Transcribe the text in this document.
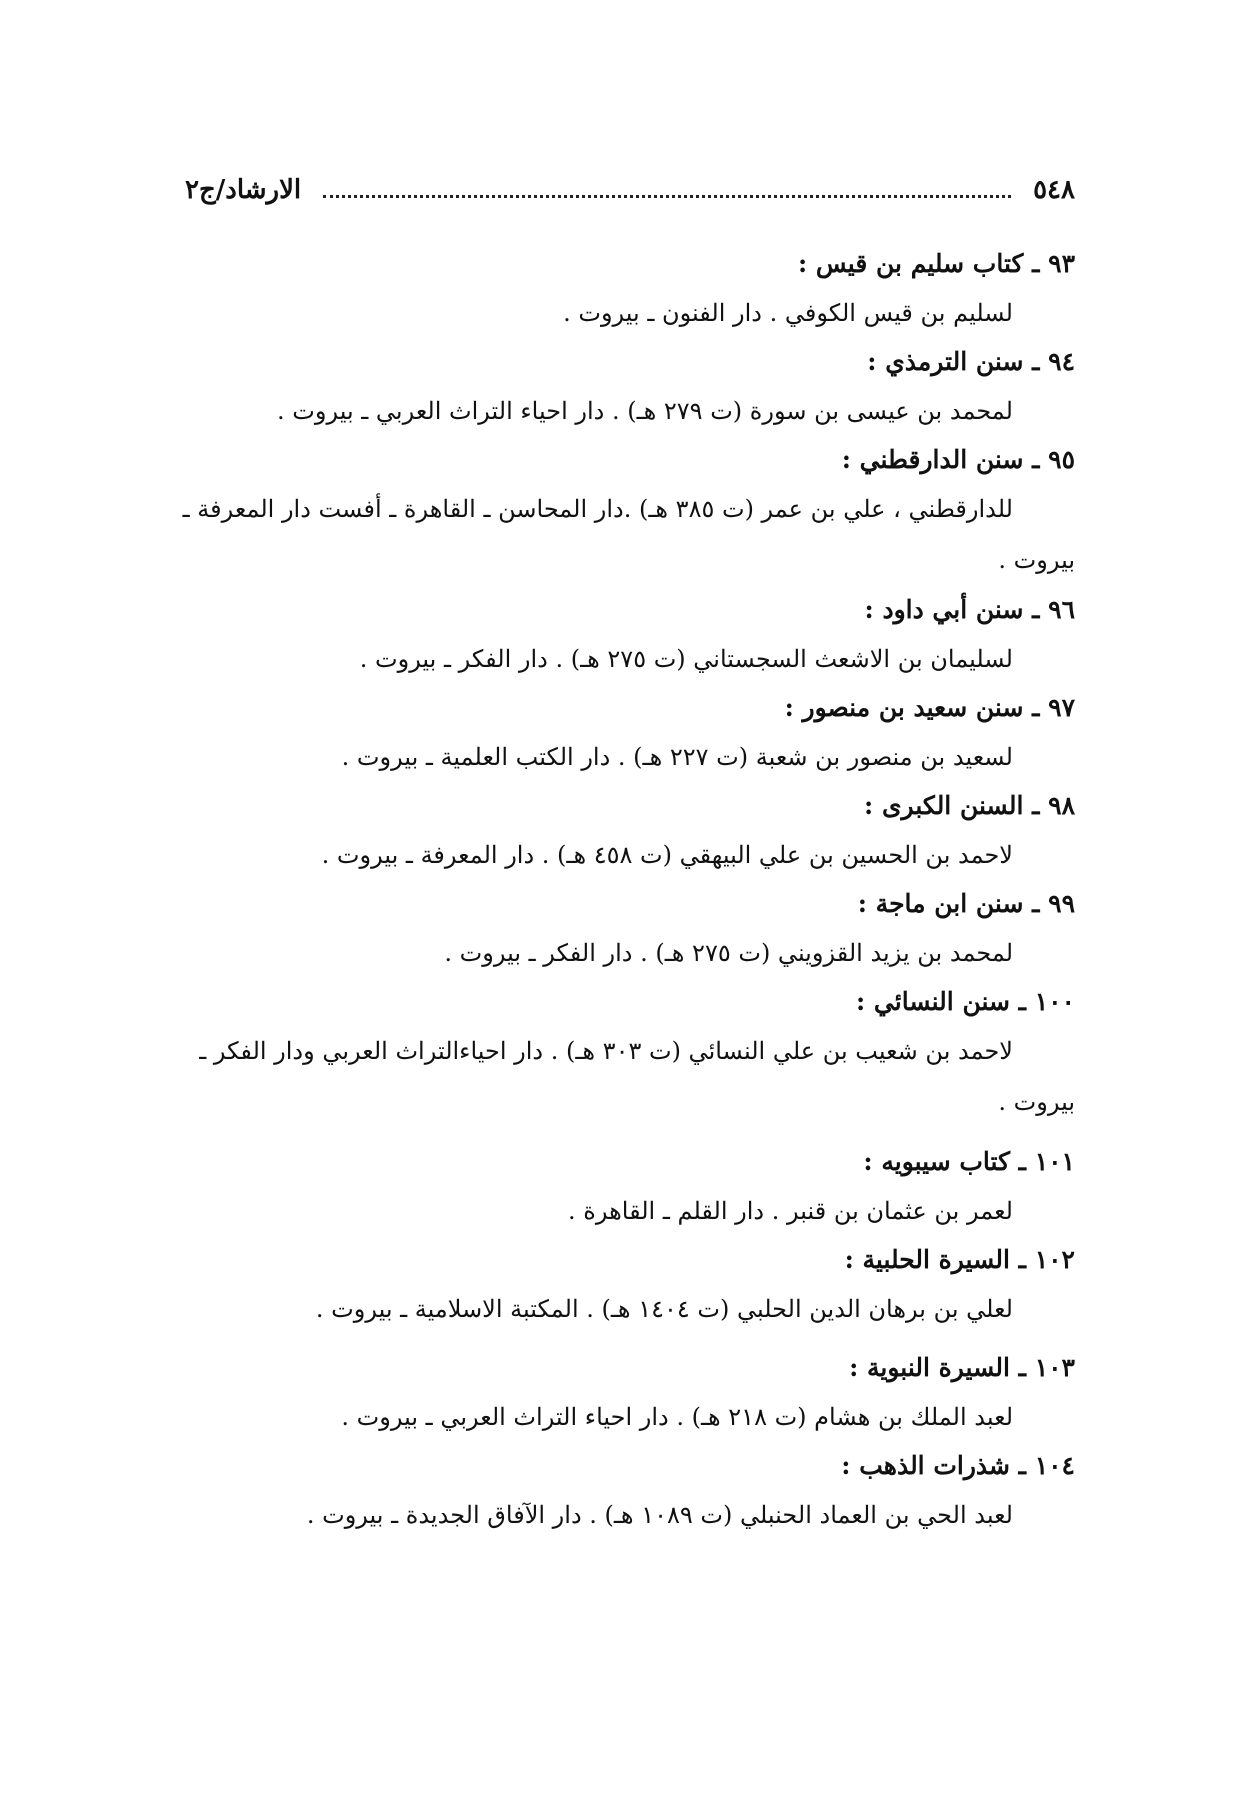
٥٤٨
الارشاد/ج٢
٩٣ ـ كتاب سليم بن قيس :
لسليم بن قيس الكوفي . دار الفنون ـ بيروت .
٩٤ ـ سنن الترمذي :
لمحمد بن عيسى بن سورة (ت ٢٧٩ هـ) . دار احياء التراث العربي ـ بيروت .
٩٥ ـ سنن الدارقطني :
للدارقطني ، علي بن عمر (ت ٣٨٥ هـ) .دار المحاسن ـ القاهرة ـ أفست دار المعرفة ـ
بيروت .
٩٦ ـ سنن أبي داود :
لسليمان بن الاشعث السجستاني (ت ٢٧٥ هـ) . دار الفكر ـ بيروت .
٩٧ ـ سنن سعيد بن منصور :
لسعيد بن منصور بن شعبة (ت ٢٢٧ هـ) . دار الكتب العلمية ـ بيروت .
٩٨ ـ السنن الكبرى :
لاحمد بن الحسين بن علي البيهقي (ت ٤٥٨ هـ) . دار المعرفة ـ بيروت .
٩٩ ـ سنن ابن ماجة :
لمحمد بن يزيد القزويني (ت ٢٧٥ هـ) . دار الفكر ـ بيروت .
١٠٠ ـ سنن النسائي :
لاحمد بن شعيب بن علي النسائي (ت ٣٠٣ هـ) . دار احياءالتراث العربي ودار الفكر ـ
بيروت .
١٠١ ـ كتاب سيبويه :
لعمر بن عثمان بن قنبر . دار القلم ـ القاهرة .
١٠٢ ـ السيرة الحلبية :
لعلي بن برهان الدين الحلبي (ت ١٤٠٤ هـ) . المكتبة الاسلامية ـ بيروت .
١٠٣ ـ السيرة النبوية :
لعبد الملك بن هشام (ت ٢١٨ هـ) . دار احياء التراث العربي ـ بيروت .
١٠٤ ـ شذرات الذهب :
لعبد الحي بن العماد الحنبلي (ت ١٠٨٩ هـ) . دار الآفاق الجديدة ـ بيروت .
